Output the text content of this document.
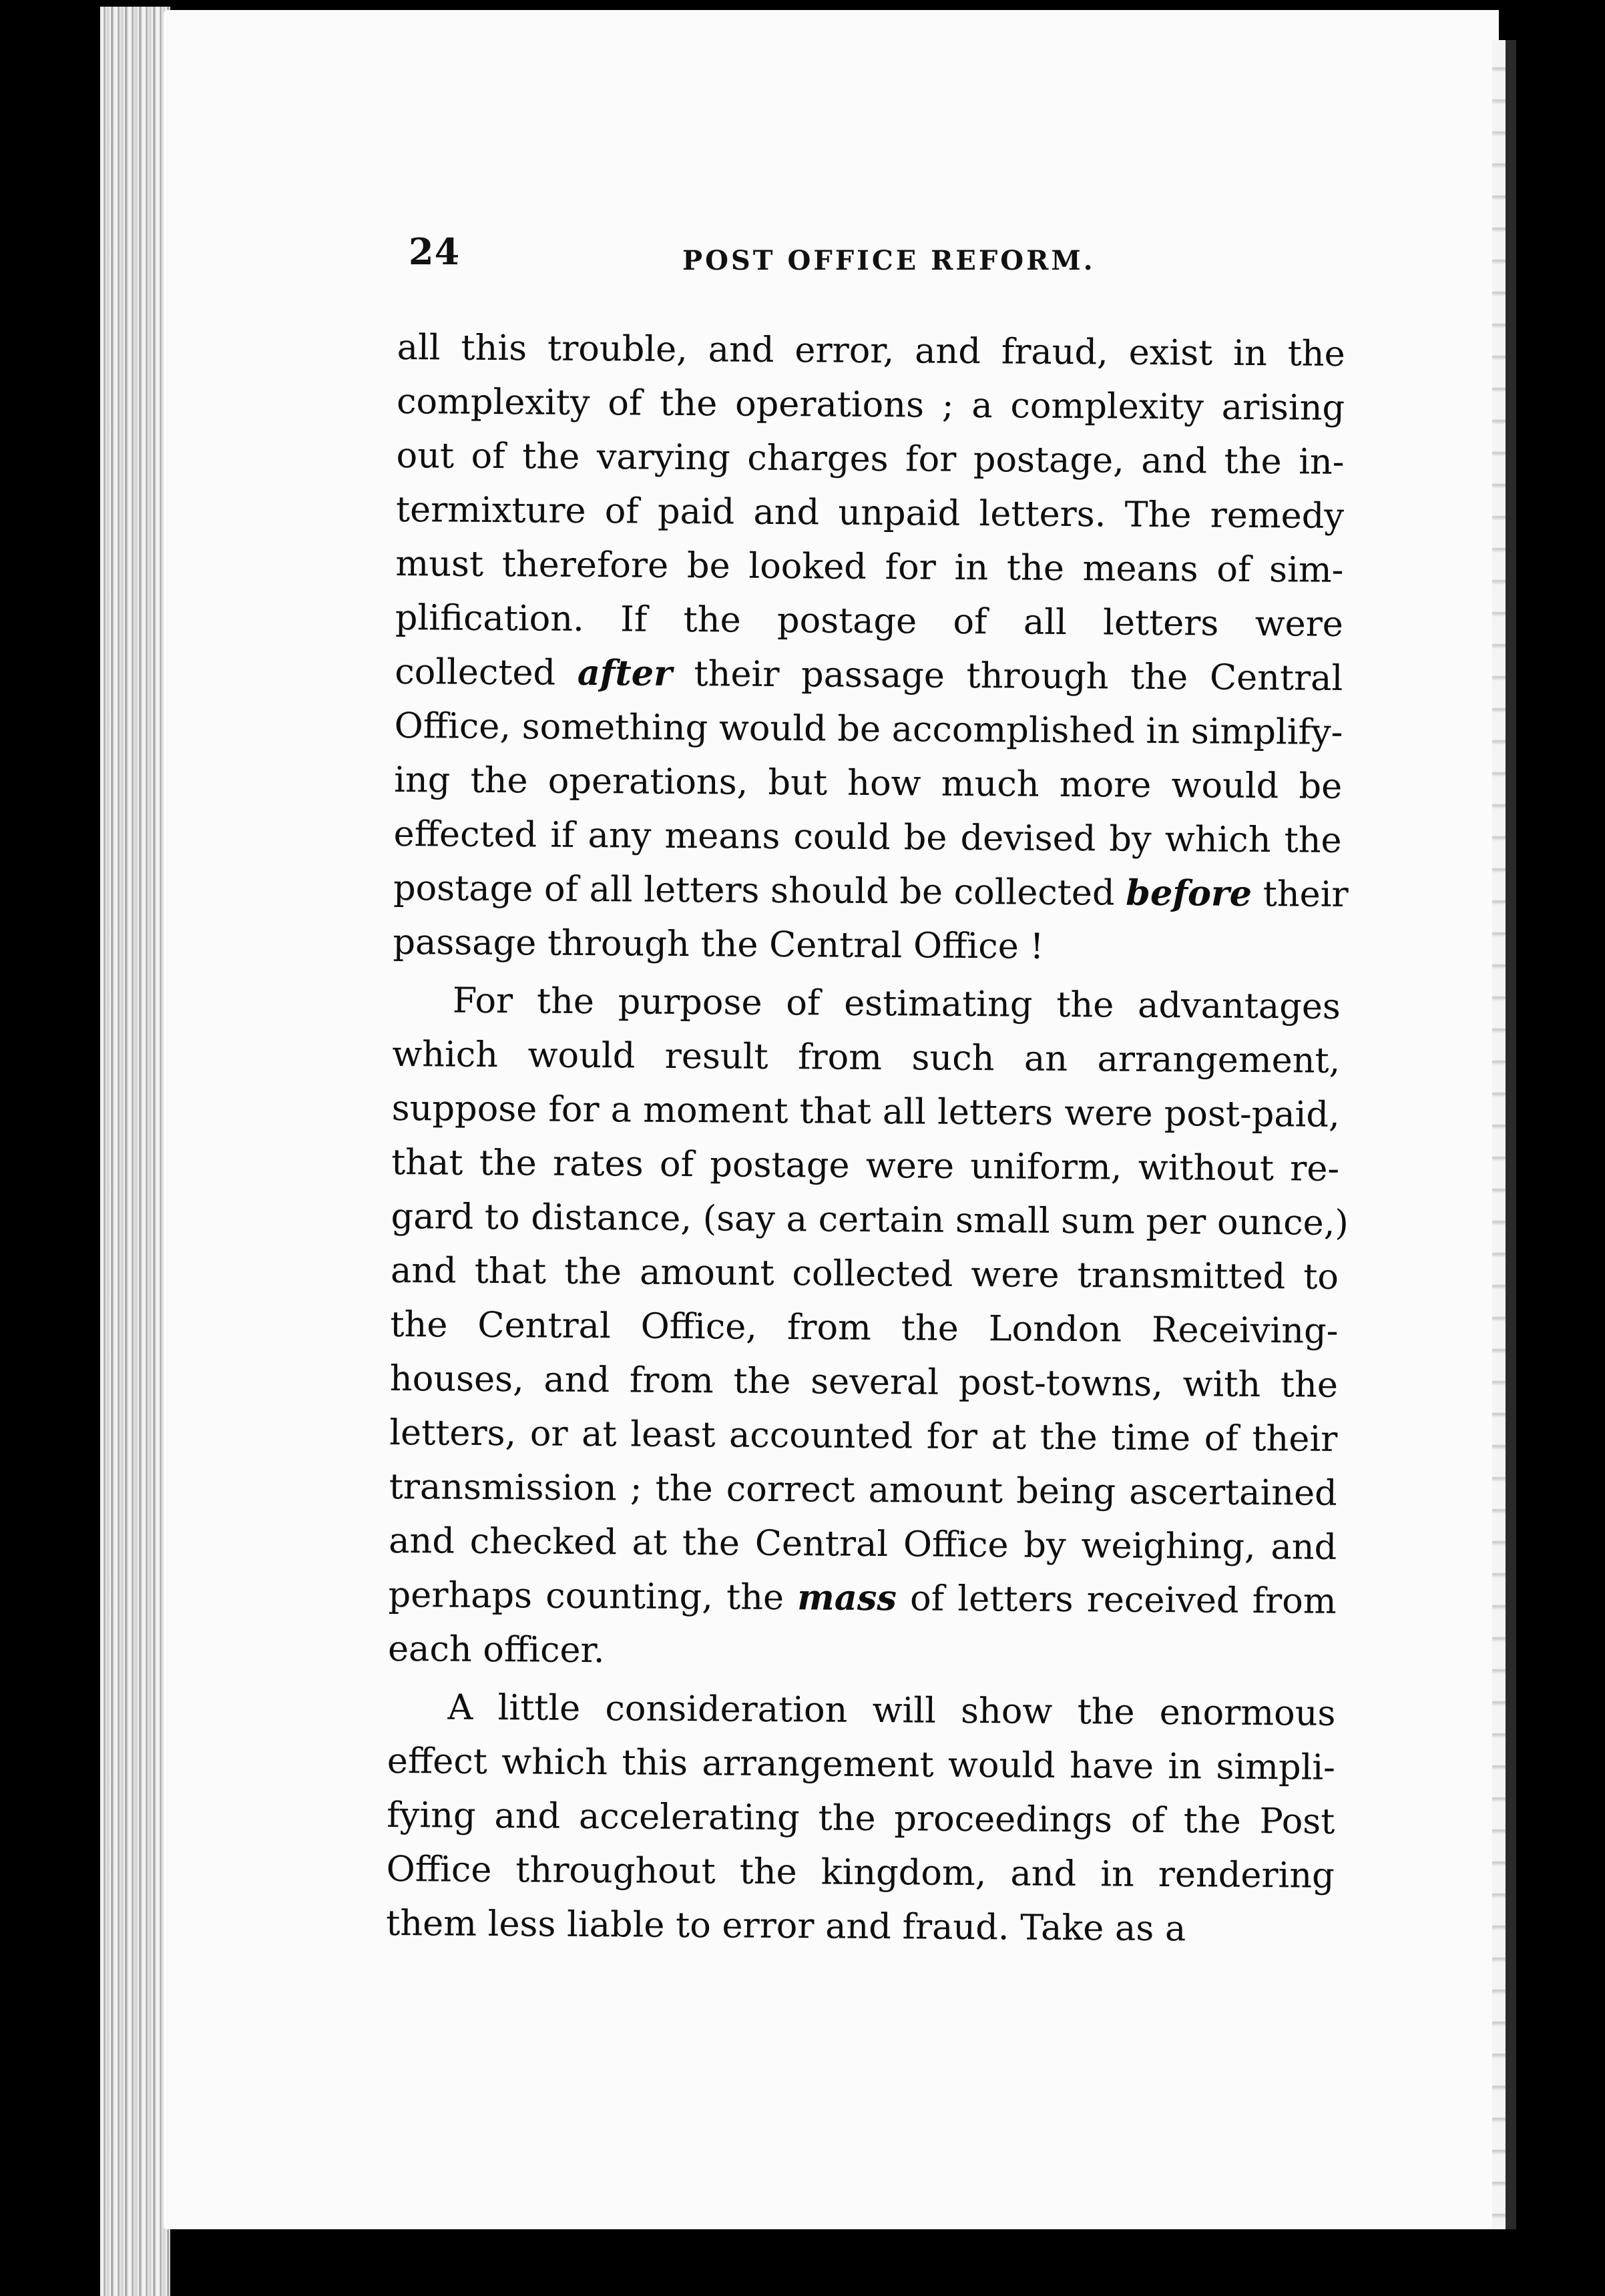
24	POST OFFICE REFORM.
all this trouble, and error, and fraud, exist in the
complexity of the operations ; a complexity arising
out of the varying charges for postage, and the in-
termixture of paid and unpaid letters. The remedy
must therefore be looked for in the means of sim-
plification. If the postage of all letters were
collected after their passage through the Central
Office, something would be accomplished in simplify-
ing the operations, but how much more would be
effected if any means could be devised by which the
postage of all letters should be collected before their
passage through the Central Office !
For the purpose of estimating the advantages
which would result from such an arrangement,
suppose for a moment that all letters were post-paid,
that the rates of postage were uniform, without re-
gard to distance, (say a certain small sum per ounce,)
and that the amount collected were transmitted to
the Central Office, from the London Receiving-
houses, and from the several post-towns, with the
letters, or at least accounted for at the time of their
transmission ; the correct amount being ascertained
and checked at the Central Office by weighing, and
perhaps counting, the mass of letters received from
each officer.
A little consideration will show the enormous
effect which this arrangement would have in simpli-
fying and accelerating the proceedings of the Post
Office throughout the kingdom, and in rendering
them less liable to error and fraud. Take as a
